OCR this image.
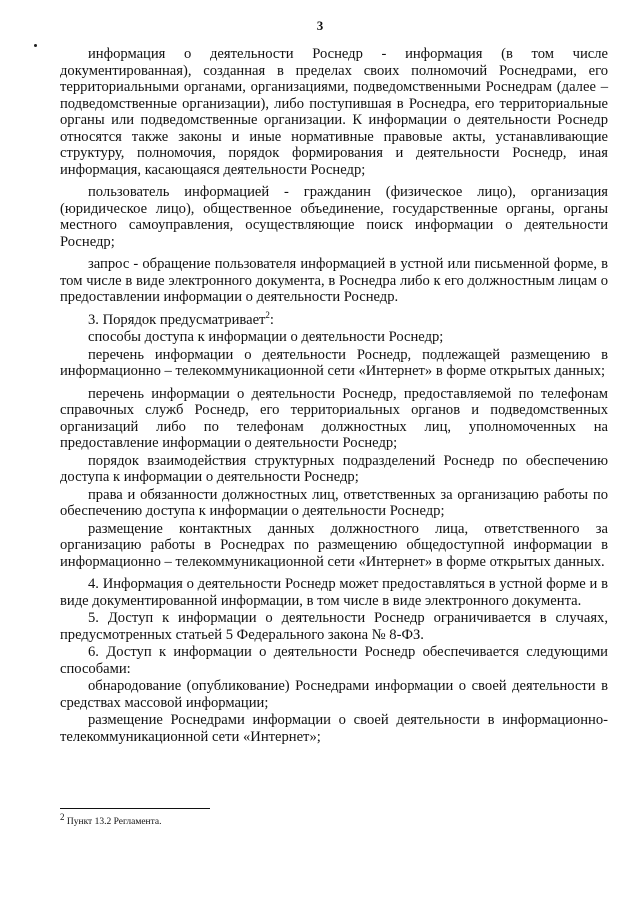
3

информация о деятельности Роснедр - информация (в том числе документированная), созданная в пределах своих полномочий Роснедрами, его территориальными органами, организациями, подведомственными Роснедрам (далее – подведомственные организации), либо поступившая в Роснедра, его территориальные органы или подведомственные организации. К информации о деятельности Роснедр относятся также законы и иные нормативные правовые акты, устанавливающие структуру, полномочия, порядок формирования и деятельности Роснедр, иная информация, касающаяся деятельности Роснедр;

пользователь информацией - гражданин (физическое лицо), организация (юридическое лицо), общественное объединение, государственные органы, органы местного самоуправления, осуществляющие поиск информации о деятельности Роснедр;

запрос - обращение пользователя информацией в устной или письменной форме, в том числе в виде электронного документа, в Роснедра либо к его должностным лицам о предоставлении информации о деятельности Роснедр.

3. Порядок предусматривает$^2$:

способы доступа к информации о деятельности Роснедр;

перечень информации о деятельности Роснедр, подлежащей размещению в информационно – телекоммуникационной сети «Интернет» в форме открытых данных;

перечень информации о деятельности Роснедр, предоставляемой по телефонам справочных служб Роснедр, его территориальных органов и подведомственных организаций либо по телефонам должностных лиц, уполномоченных на предоставление информации о деятельности Роснедр;

порядок взаимодействия структурных подразделений Роснедр по обеспечению доступа к информации о деятельности Роснедр;

права и обязанности должностных лиц, ответственных за организацию работы по обеспечению доступа к информации о деятельности Роснедр;

размещение контактных данных должностного лица, ответственного за организацию работы в Роснедрах по размещению общедоступной информации в информационно – телекоммуникационной сети «Интернет» в форме открытых данных.

4. Информация о деятельности Роснедр может предоставляться в устной форме и в виде документированной информации, в том числе в виде электронного документа.

5. Доступ к информации о деятельности Роснедр ограничивается в случаях, предусмотренных статьей 5 Федерального закона № 8-ФЗ.

6. Доступ к информации о деятельности Роснедр обеспечивается следующими способами:

обнародование (опубликование) Роснедрами информации о своей деятельности в средствах массовой информации;

размещение Роснедрами информации о своей деятельности в информационно-телекоммуникационной сети «Интернет»;

$^2$ Пункт 13.2 Регламента.
